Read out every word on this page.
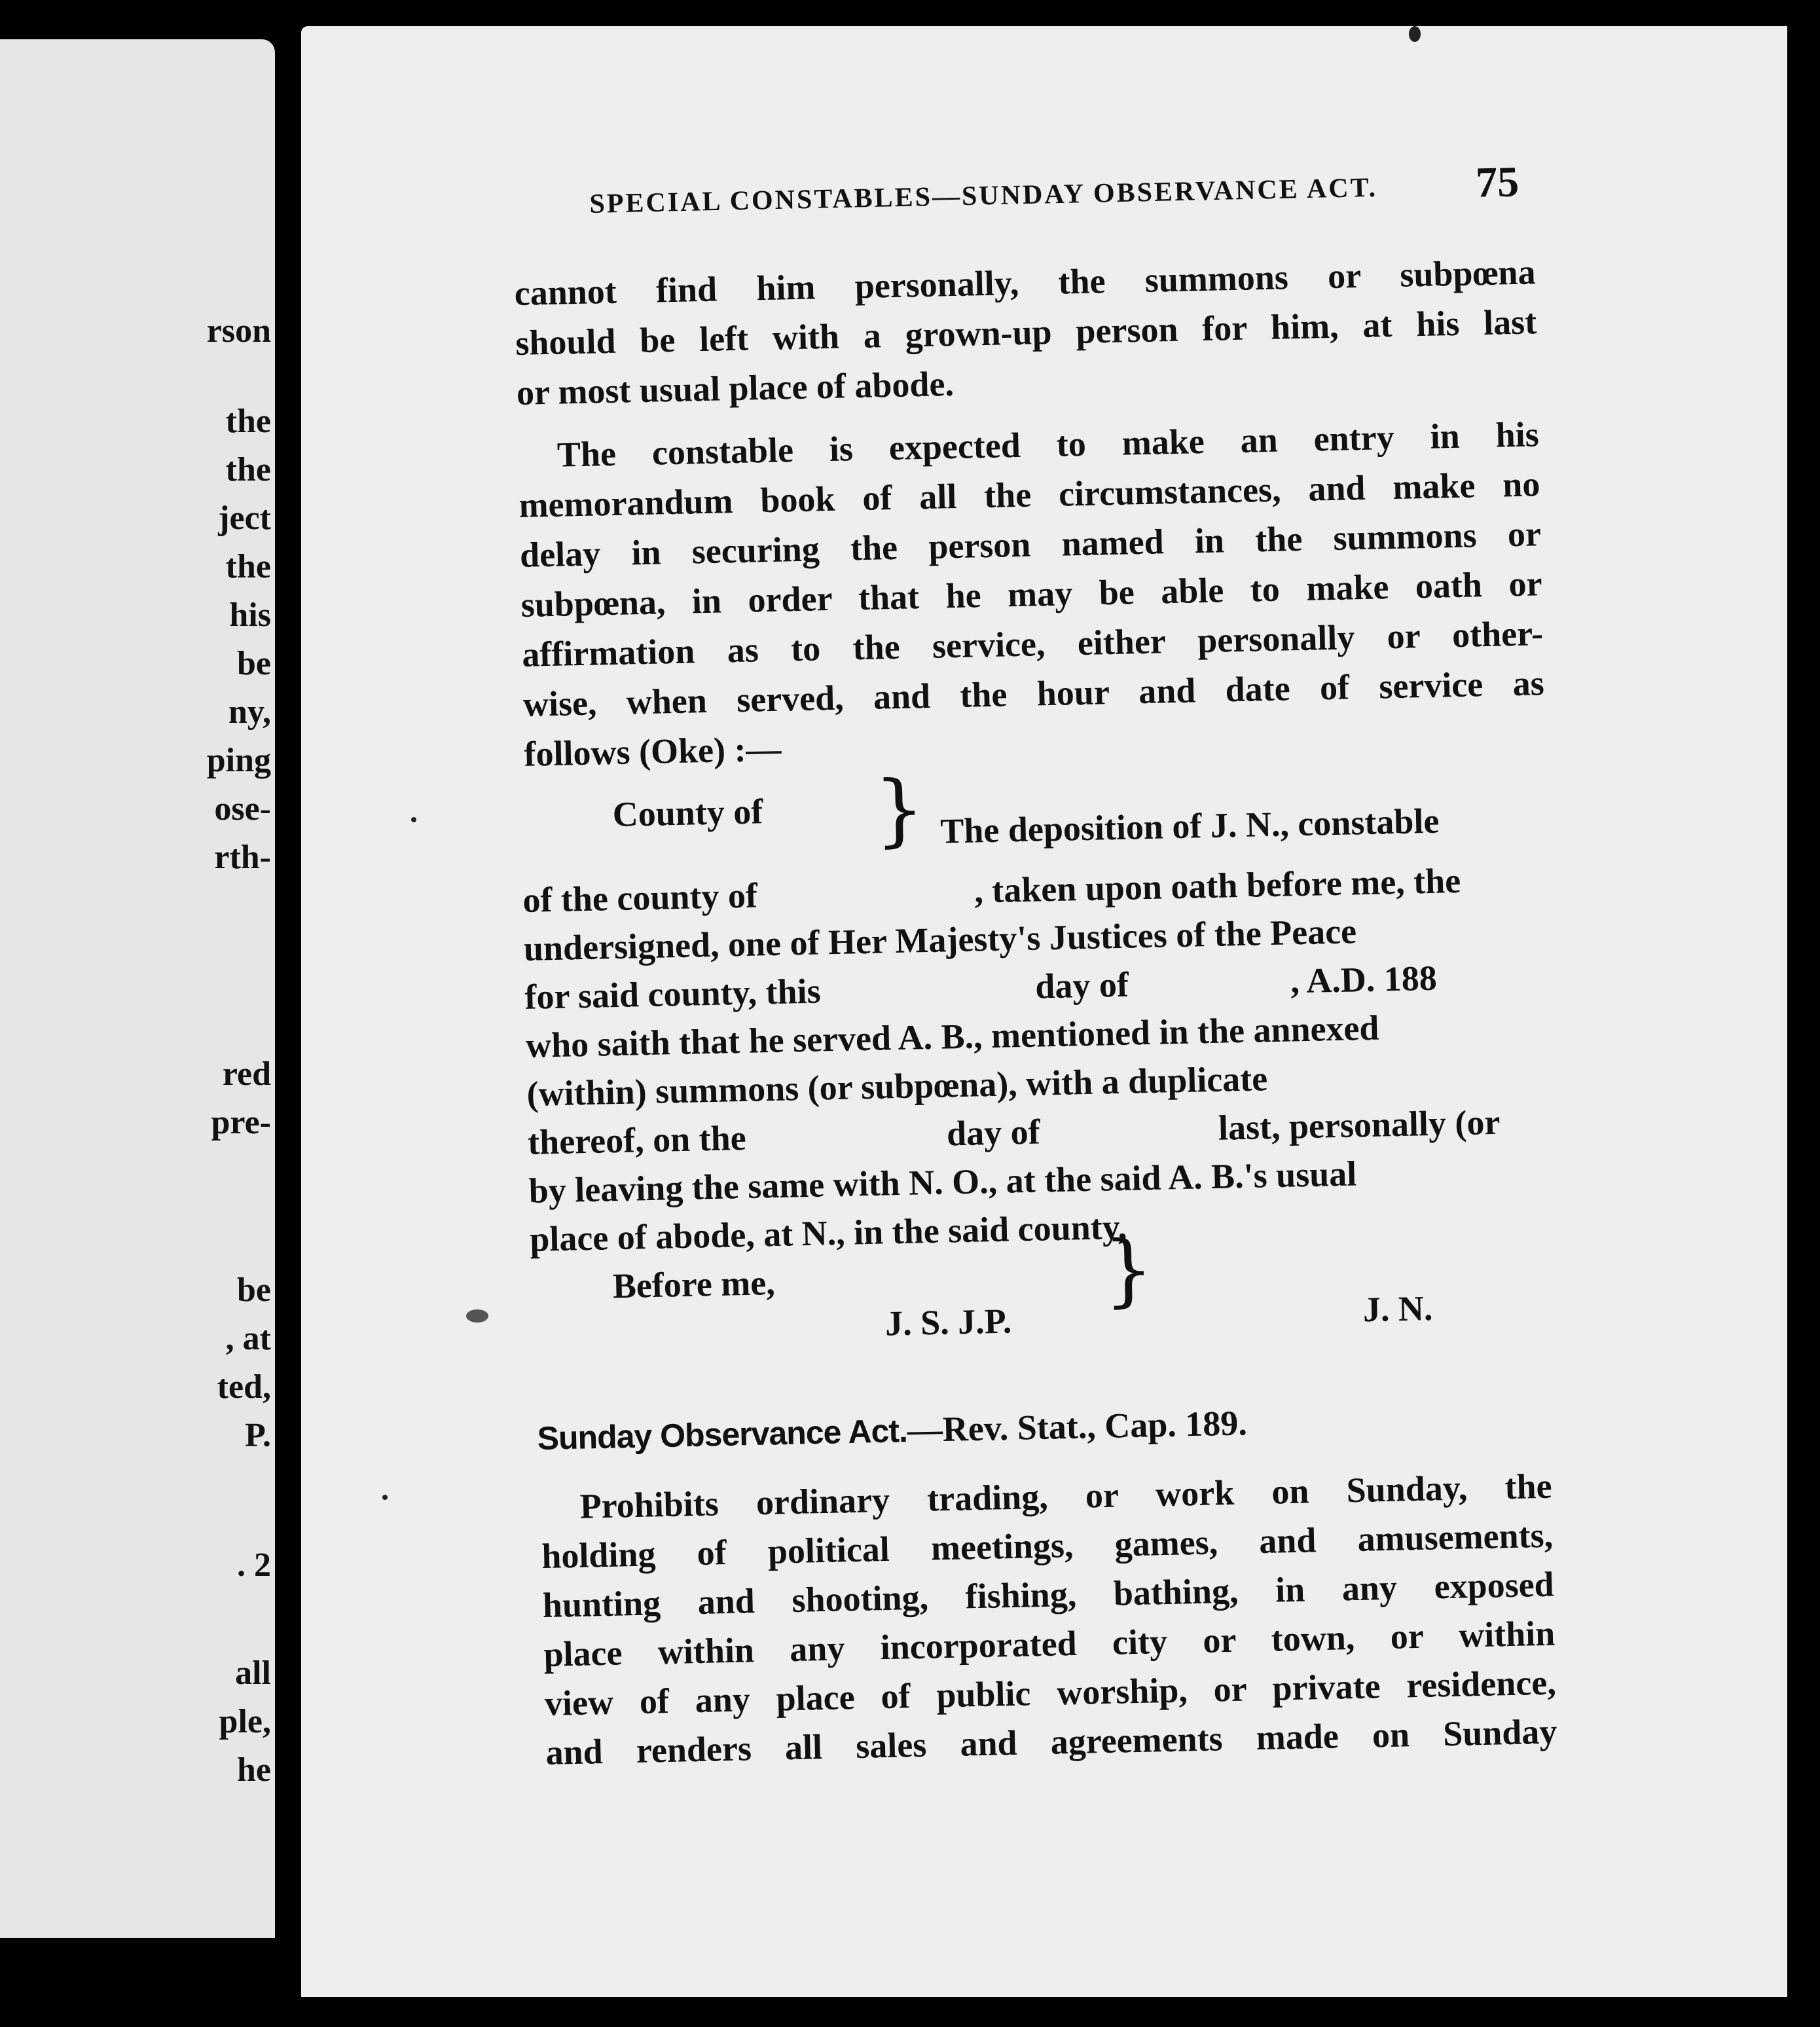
rson
the
the
ject
the
his
be
ny,
ping
ose-
rth-
red
pre-
be
, at
ted,
P.
. 2
all
ple,
he
SPECIAL CONSTABLES—SUNDAY OBSERVANCE ACT. 75
cannot find him personally, the summons or subpœna
should be left with a grown-up person for him, at his last
or most usual place of abode.
The constable is expected to make an entry in his
memorandum book of all the circumstances, and make no
delay in securing the person named in the summons or
subpœna, in order that he may be able to make oath or
affirmation as to the service, either personally or other-
wise, when served, and the hour and date of service as
follows (Oke) :—
County of } The deposition of J. N., constable
of the county of	, taken upon oath before me, the
undersigned, one of Her Majesty's Justices of the Peace
for said county, this	day of	, A.D. 188
who saith that he served A. B., mentioned in the annexed
(within) summons (or subpœna), with a duplicate
thereof, on the	day of	last, personally (or
by leaving the same with N. O., at the said A. B.'s usual
place of abode, at N., in the said county,
Before me,	}
J. S. J.P.	J. N.
Sunday Observance Act.—Rev. Stat., Cap. 189.
Prohibits ordinary trading, or work on Sunday, the
holding of political meetings, games, and amusements,
hunting and shooting, fishing, bathing, in any exposed
place within any incorporated city or town, or within
view of any place of public worship, or private residence,
and renders all sales and agreements made on Sunday
